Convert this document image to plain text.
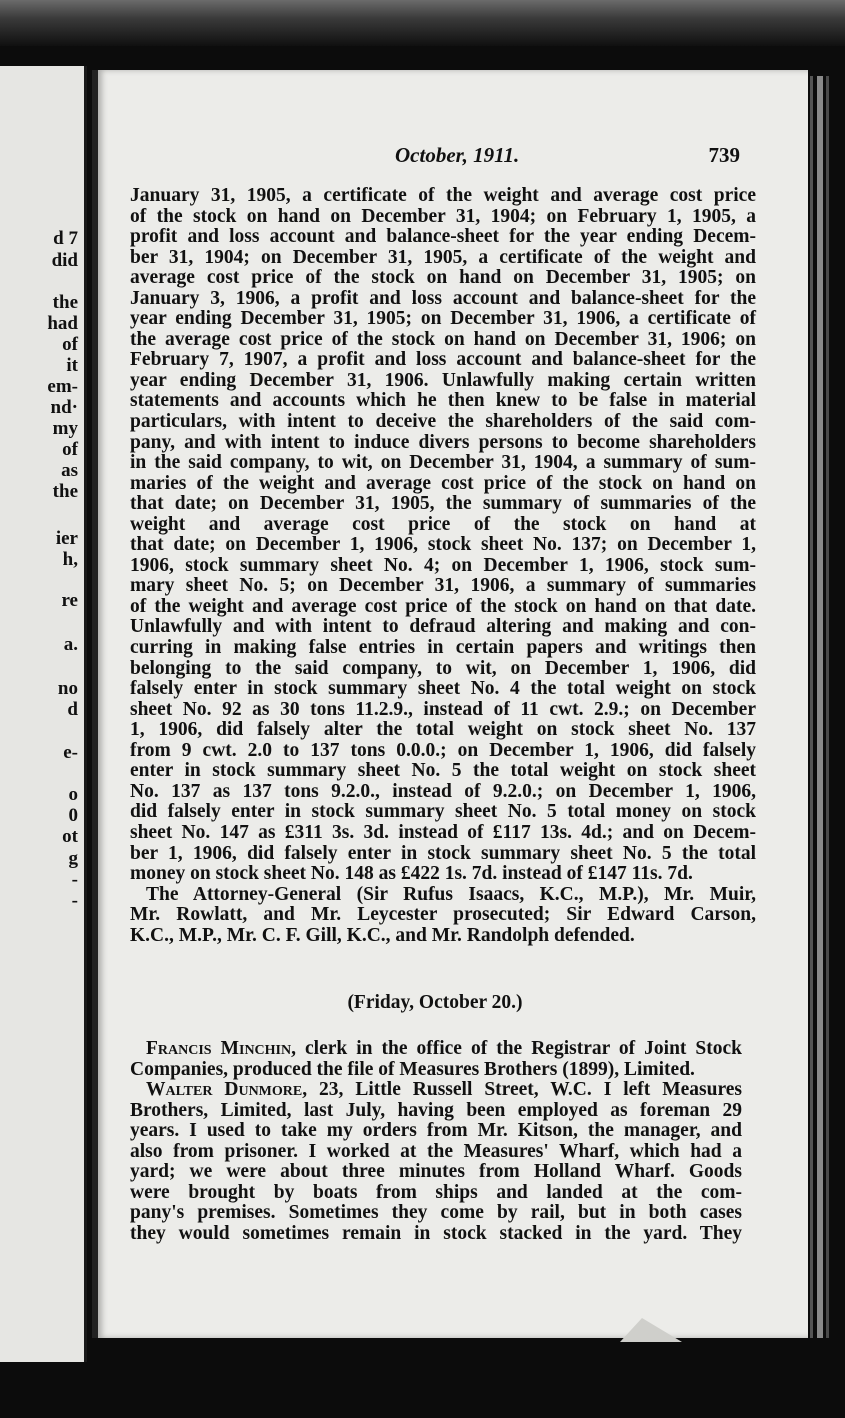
d 7

did

the

had

of

it

em-

nd·

my

of

as

the

ier

h,

re

a.

no

d

e-

o

0

ot

g

-

-

October, 1911.	739
January 31, 1905, a certificate of the weight and average cost price
of the stock on hand on December 31, 1904; on February 1, 1905, a
profit and loss account and balance-sheet for the year ending Decem-
ber 31, 1904; on December 31, 1905, a certificate of the weight and
average cost price of the stock on hand on December 31, 1905; on
January 3, 1906, a profit and loss account and balance-sheet for the
year ending December 31, 1905; on December 31, 1906, a certificate of
the average cost price of the stock on hand on December 31, 1906; on
February 7, 1907, a profit and loss account and balance-sheet for the
year ending December 31, 1906. Unlawfully making certain written
statements and accounts which he then knew to be false in material
particulars, with intent to deceive the shareholders of the said com-
pany, and with intent to induce divers persons to become shareholders
in the said company, to wit, on December 31, 1904, a summary of sum-
maries of the weight and average cost price of the stock on hand on
that date; on December 31, 1905, the summary of summaries of the
weight and average cost price of the stock on hand at
that date; on December 1, 1906, stock sheet No. 137; on December 1,
1906, stock summary sheet No. 4; on December 1, 1906, stock sum-
mary sheet No. 5; on December 31, 1906, a summary of summaries
of the weight and average cost price of the stock on hand on that date.
Unlawfully and with intent to defraud altering and making and con-
curring in making false entries in certain papers and writings then
belonging to the said company, to wit, on December 1, 1906, did
falsely enter in stock summary sheet No. 4 the total weight on stock
sheet No. 92 as 30 tons 11.2.9., instead of 11 cwt. 2.9.; on December
1, 1906, did falsely alter the total weight on stock sheet No. 137
from 9 cwt. 2.0 to 137 tons 0.0.0.; on December 1, 1906, did falsely
enter in stock summary sheet No. 5 the total weight on stock sheet
No. 137 as 137 tons 9.2.0., instead of 9.2.0.; on December 1, 1906,
did falsely enter in stock summary sheet No. 5 total money on stock
sheet No. 147 as £311 3s. 3d. instead of £117 13s. 4d.; and on Decem-
ber 1, 1906, did falsely enter in stock summary sheet No. 5 the total
money on stock sheet No. 148 as £422 1s. 7d. instead of £147 11s. 7d.
The Attorney-General (Sir Rufus Isaacs, K.C., M.P.), Mr. Muir,
Mr. Rowlatt, and Mr. Leycester prosecuted; Sir Edward Carson,
K.C., M.P., Mr. C. F. Gill, K.C., and Mr. Randolph defended.
(Friday, October 20.)
Francis Minchin, clerk in the office of the Registrar of Joint Stock
Companies, produced the file of Measures Brothers (1899), Limited.
Walter Dunmore, 23, Little Russell Street, W.C. I left Measures
Brothers, Limited, last July, having been employed as foreman 29
years. I used to take my orders from Mr. Kitson, the manager, and
also from prisoner. I worked at the Measures' Wharf, which had a
yard; we were about three minutes from Holland Wharf. Goods
were brought by boats from ships and landed at the com-
pany's premises. Sometimes they come by rail, but in both cases
they would sometimes remain in stock stacked in the yard. They
